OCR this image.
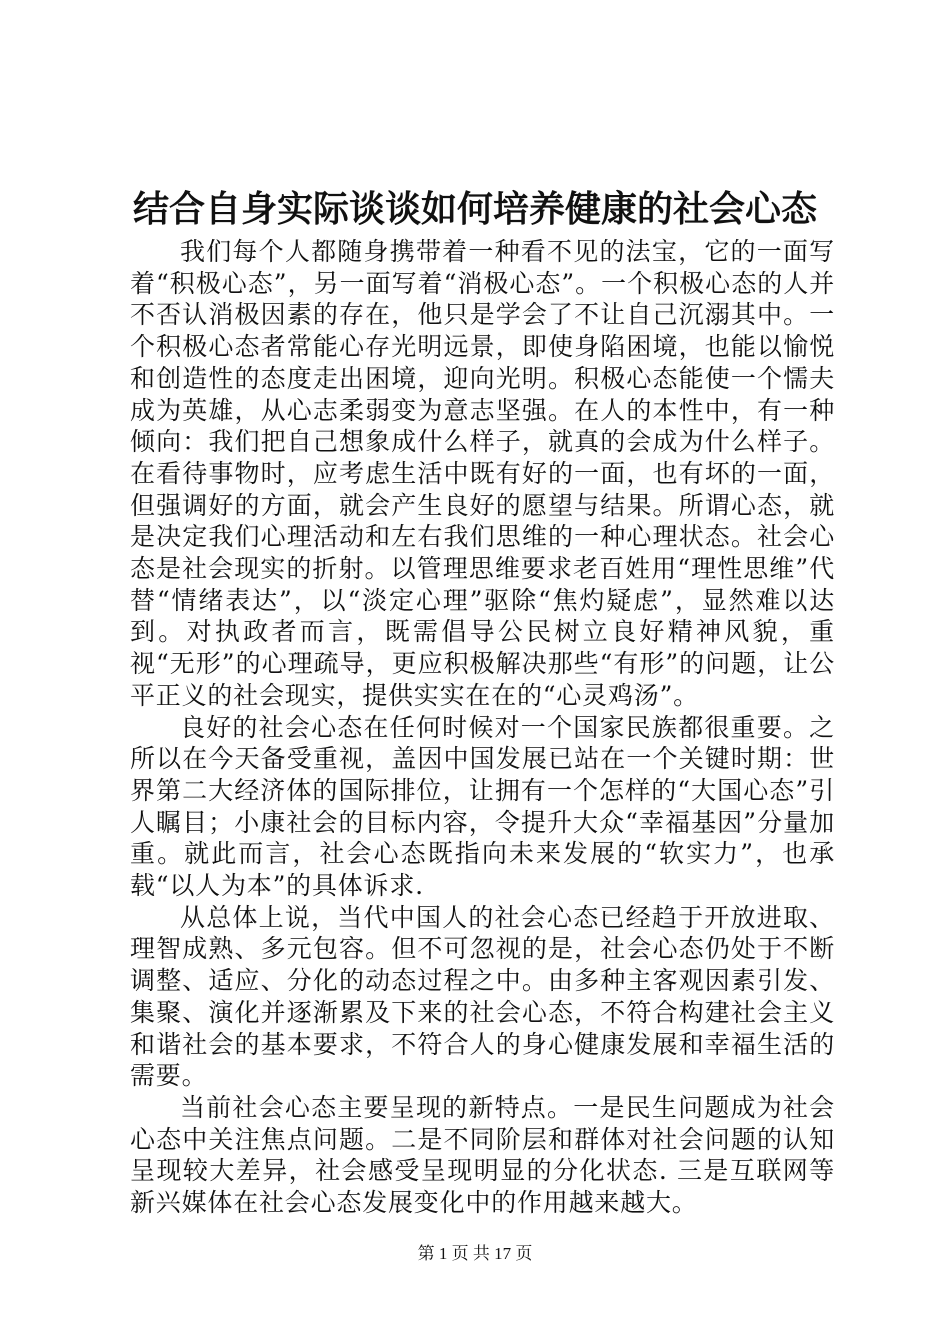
结合自身实际谈谈如何培养健康的社会心态

我们每个人都随身携带着一种看不见的法宝，它的一面写着“积极心态”，另一面写着“消极心态”。一个积极心态的人并不否认消极因素的存在，他只是学会了不让自己沉溺其中。一个积极心态者常能心存光明远景，即使身陷困境，也能以愉悦和创造性的态度走出困境，迎向光明。积极心态能使一个懦夫成为英雄，从心志柔弱变为意志坚强。在人的本性中，有一种倾向：我们把自己想象成什么样子，就真的会成为什么样子。在看待事物时，应考虑生活中既有好的一面，也有坏的一面，但强调好的方面，就会产生良好的愿望与结果。所谓心态，就是决定我们心理活动和左右我们思维的一种心理状态。社会心态是社会现实的折射。以管理思维要求老百姓用“理性思维”代替“情绪表达”，以“淡定心理”驱除“焦灼疑虑”，显然难以达到。对执政者而言，既需倡导公民树立良好精神风貌，重视“无形”的心理疏导，更应积极解决那些“有形”的问题，让公平正义的社会现实，提供实实在在的“心灵鸡汤”。

良好的社会心态在任何时候对一个国家民族都很重要。之所以在今天备受重视，盖因中国发展已站在一个关键时期：世界第二大经济体的国际排位，让拥有一个怎样的“大国心态”引人瞩目；小康社会的目标内容，令提升大众“幸福基因”分量加重。就此而言，社会心态既指向未来发展的“软实力”，也承载“以人为本”的具体诉求.

从总体上说，当代中国人的社会心态已经趋于开放进取、理智成熟、多元包容。但不可忽视的是，社会心态仍处于不断调整、适应、分化的动态过程之中。由多种主客观因素引发、集聚、演化并逐渐累及下来的社会心态，不符合构建社会主义和谐社会的基本要求，不符合人的身心健康发展和幸福生活的需要。

当前社会心态主要呈现的新特点。一是民生问题成为社会心态中关注焦点问题。二是不同阶层和群体对社会问题的认知呈现较大差异，社会感受呈现明显的分化状态. 三是互联网等新兴媒体在社会心态发展变化中的作用越来越大。

第 1 页 共 17 页
